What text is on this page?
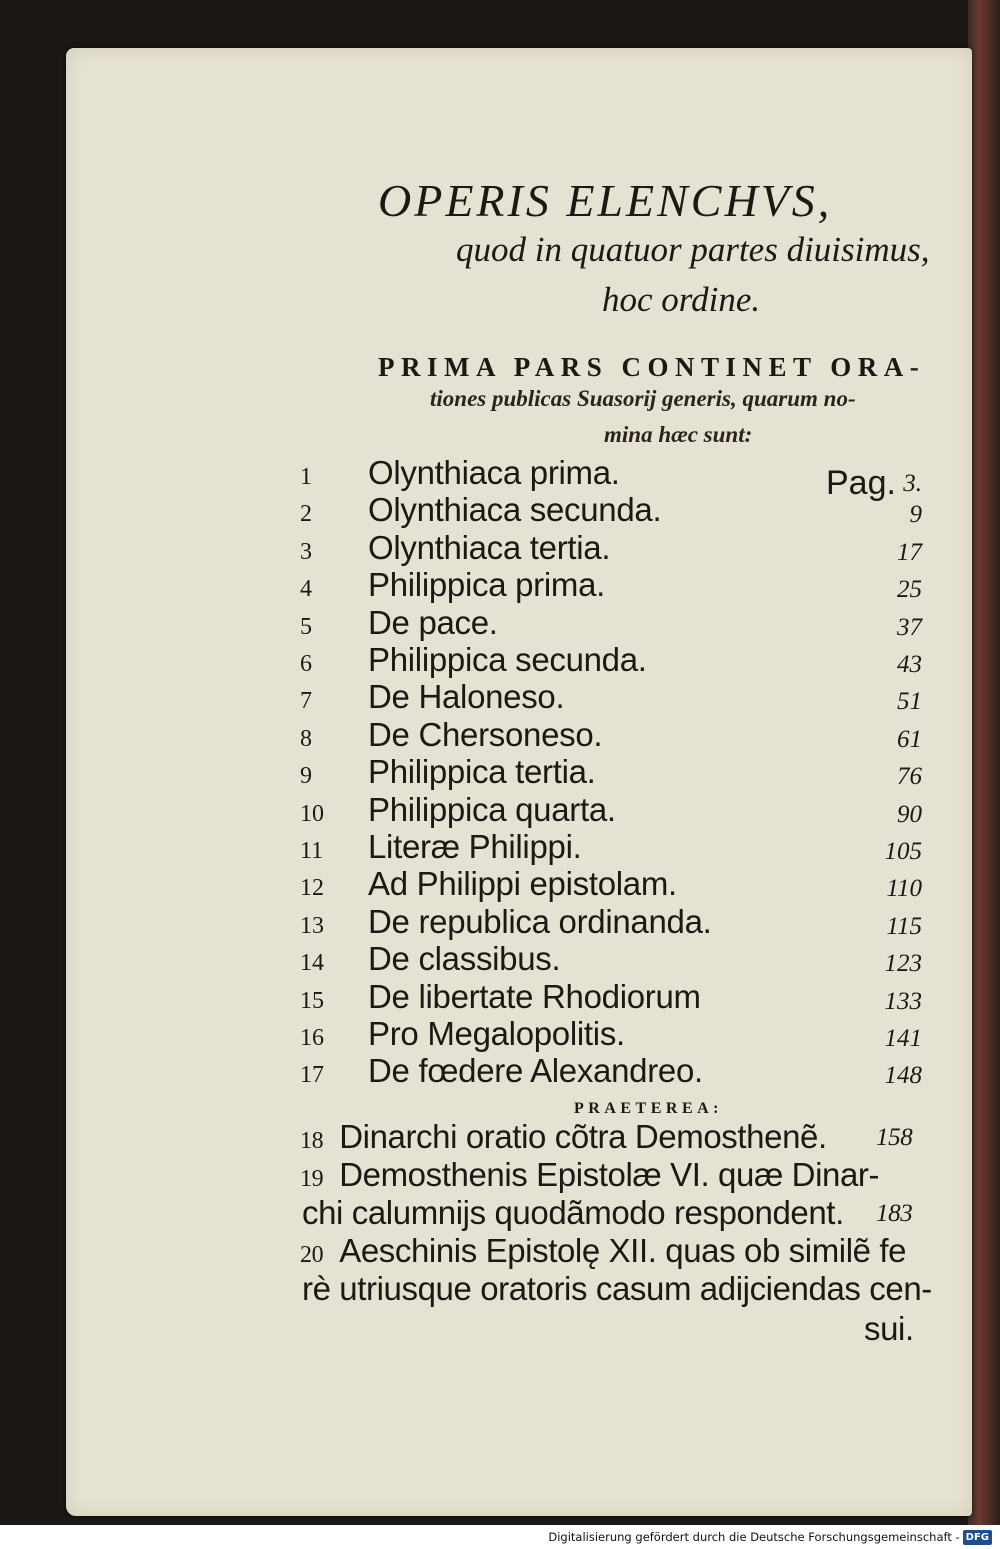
OPERIS ELENCHVS,
quod in quatuor partes diuisimus,
hoc ordine.
PRIMA PARS CONTINET ORA-
tiones publicas Suasorij generis, quarum no-
mina hæc sunt:
Pag.
1	Olynthiaca prima.	3.
2	Olynthiaca secunda.	9
3	Olynthiaca tertia.	17
4	Philippica prima.	25
5	De pace.	37
6	Philippica secunda.	43
7	De Haloneso.	51
8	De Chersoneso.	61
9	Philippica tertia.	76
10	Philippica quarta.	90
11	Literæ Philippi.	105
12	Ad Philippi epistolam.	110
13	De republica ordinanda.	115
14	De classibus.	123
15	De libertate Rhodiorum	133
16	Pro Megalopolitis.	141
17	De fœdere Alexandreo.	148
PRAETEREA:
18 Dinarchi oratio cõtra Demosthenẽ. 158
19 Demosthenis Epistolæ VI. quæ Dinar-
chi calumnijs quodãmodo respondent. 183
20 Aeschinis Epistolę XII. quas ob similẽ fe
rè utriusque oratoris casum adijciendas cen-
sui.
Digitalisierung gefördert durch die Deutsche Forschungsgemeinschaft - DFG
